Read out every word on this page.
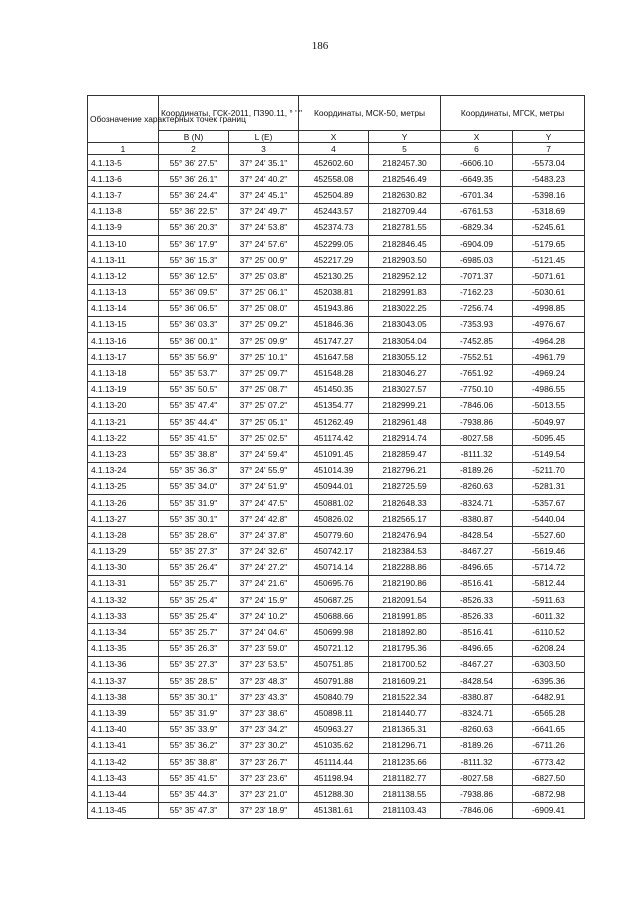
186
Обозначение характерных точек границ	Координаты, ГСК-2011, ПЗ90.11, ° ' "		Координаты, МСК-50, метры		Координаты, МГСК, метры	
	B (N)	L (E)	X	Y	X	Y
1	2	3	4	5	6	7
4.1.13-5	55° 36' 27.5"	37° 24' 35.1"	452602.60	2182457.30	-6606.10	-5573.04
4.1.13-6	55° 36' 26.1"	37° 24' 40.2"	452558.08	2182546.49	-6649.35	-5483.23
4.1.13-7	55° 36' 24.4"	37° 24' 45.1"	452504.89	2182630.82	-6701.34	-5398.16
4.1.13-8	55° 36' 22.5"	37° 24' 49.7"	452443.57	2182709.44	-6761.53	-5318.69
4.1.13-9	55° 36' 20.3"	37° 24' 53.8"	452374.73	2182781.55	-6829.34	-5245.61
4.1.13-10	55° 36' 17.9"	37° 24' 57.6"	452299.05	2182846.45	-6904.09	-5179.65
4.1.13-11	55° 36' 15.3"	37° 25' 00.9"	452217.29	2182903.50	-6985.03	-5121.45
4.1.13-12	55° 36' 12.5"	37° 25' 03.8"	452130.25	2182952.12	-7071.37	-5071.61
4.1.13-13	55° 36' 09.5"	37° 25' 06.1"	452038.81	2182991.83	-7162.23	-5030.61
4.1.13-14	55° 36' 06.5"	37° 25' 08.0"	451943.86	2183022.25	-7256.74	-4998.85
4.1.13-15	55° 36' 03.3"	37° 25' 09.2"	451846.36	2183043.05	-7353.93	-4976.67
4.1.13-16	55° 36' 00.1"	37° 25' 09.9"	451747.27	2183054.04	-7452.85	-4964.28
4.1.13-17	55° 35' 56.9"	37° 25' 10.1"	451647.58	2183055.12	-7552.51	-4961.79
4.1.13-18	55° 35' 53.7"	37° 25' 09.7"	451548.28	2183046.27	-7651.92	-4969.24
4.1.13-19	55° 35' 50.5"	37° 25' 08.7"	451450.35	2183027.57	-7750.10	-4986.55
4.1.13-20	55° 35' 47.4"	37° 25' 07.2"	451354.77	2182999.21	-7846.06	-5013.55
4.1.13-21	55° 35' 44.4"	37° 25' 05.1"	451262.49	2182961.48	-7938.86	-5049.97
4.1.13-22	55° 35' 41.5"	37° 25' 02.5"	451174.42	2182914.74	-8027.58	-5095.45
4.1.13-23	55° 35' 38.8"	37° 24' 59.4"	451091.45	2182859.47	-8111.32	-5149.54
4.1.13-24	55° 35' 36.3"	37° 24' 55.9"	451014.39	2182796.21	-8189.26	-5211.70
4.1.13-25	55° 35' 34.0"	37° 24' 51.9"	450944.01	2182725.59	-8260.63	-5281.31
4.1.13-26	55° 35' 31.9"	37° 24' 47.5"	450881.02	2182648.33	-8324.71	-5357.67
4.1.13-27	55° 35' 30.1"	37° 24' 42.8"	450826.02	2182565.17	-8380.87	-5440.04
4.1.13-28	55° 35' 28.6"	37° 24' 37.8"	450779.60	2182476.94	-8428.54	-5527.60
4.1.13-29	55° 35' 27.3"	37° 24' 32.6"	450742.17	2182384.53	-8467.27	-5619.46
4.1.13-30	55° 35' 26.4"	37° 24' 27.2"	450714.14	2182288.86	-8496.65	-5714.72
4.1.13-31	55° 35' 25.7"	37° 24' 21.6"	450695.76	2182190.86	-8516.41	-5812.44
4.1.13-32	55° 35' 25.4"	37° 24' 15.9"	450687.25	2182091.54	-8526.33	-5911.63
4.1.13-33	55° 35' 25.4"	37° 24' 10.2"	450688.66	2181991.85	-8526.33	-6011.32
4.1.13-34	55° 35' 25.7"	37° 24' 04.6"	450699.98	2181892.80	-8516.41	-6110.52
4.1.13-35	55° 35' 26.3"	37° 23' 59.0"	450721.12	2181795.36	-8496.65	-6208.24
4.1.13-36	55° 35' 27.3"	37° 23' 53.5"	450751.85	2181700.52	-8467.27	-6303.50
4.1.13-37	55° 35' 28.5"	37° 23' 48.3"	450791.88	2181609.21	-8428.54	-6395.36
4.1.13-38	55° 35' 30.1"	37° 23' 43.3"	450840.79	2181522.34	-8380.87	-6482.91
4.1.13-39	55° 35' 31.9"	37° 23' 38.6"	450898.11	2181440.77	-8324.71	-6565.28
4.1.13-40	55° 35' 33.9"	37° 23' 34.2"	450963.27	2181365.31	-8260.63	-6641.65
4.1.13-41	55° 35' 36.2"	37° 23' 30.2"	451035.62	2181296.71	-8189.26	-6711.26
4.1.13-42	55° 35' 38.8"	37° 23' 26.7"	451114.44	2181235.66	-8111.32	-6773.42
4.1.13-43	55° 35' 41.5"	37° 23' 23.6"	451198.94	2181182.77	-8027.58	-6827.50
4.1.13-44	55° 35' 44.3"	37° 23' 21.0"	451288.30	2181138.55	-7938.86	-6872.98
4.1.13-45	55° 35' 47.3"	37° 23' 18.9"	451381.61	2181103.43	-7846.06	-6909.41
